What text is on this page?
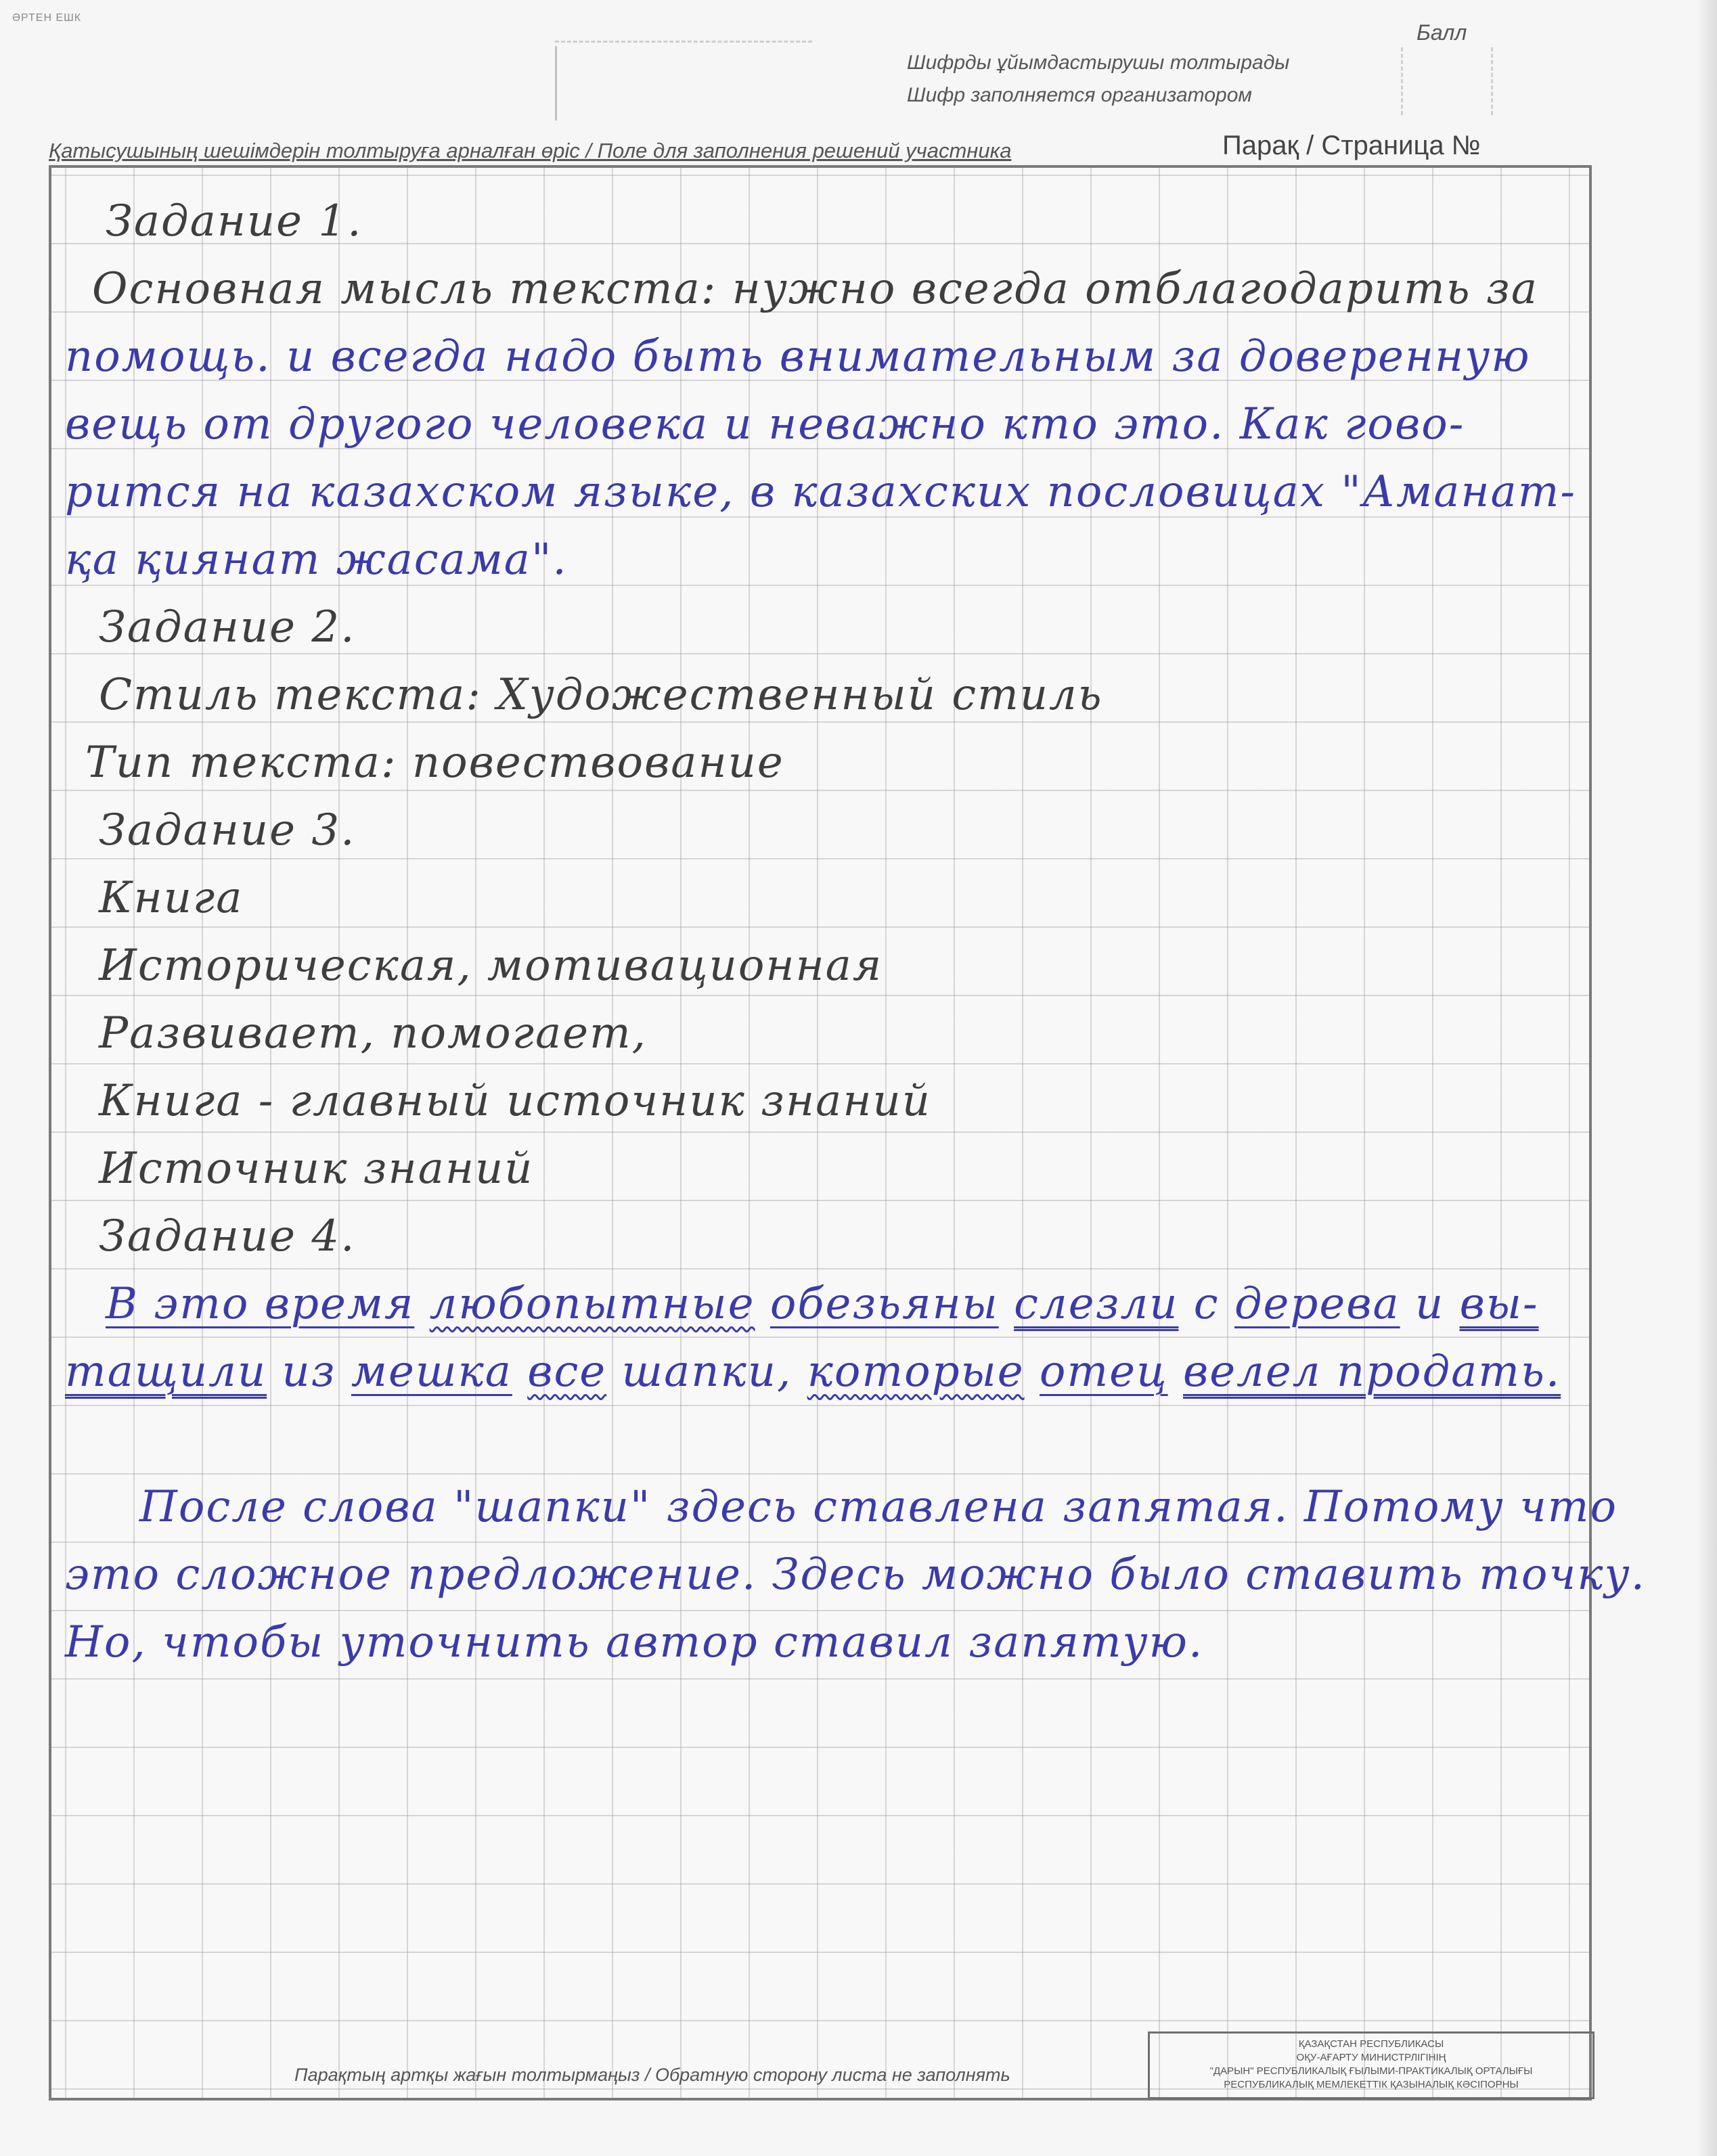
ӘРТЕН ЕШК
Шифрды ұйымдастырушы толтырады
Шифр заполняется организатором
Балл
Қатысушының шешімдерін толтыруға арналған өріс / Поле для заполнения решений участника	Парақ / Страница №
Задание 1.
Основная мысль текста: нужно всегда отблагодарить за
помощь. и всегда надо быть внимательным за доверенную
вещь от другого человека и неважно кто это. Как гово-
рится на казахском языке, в казахских пословицах "Аманат-
қа қиянат жасама".
Задание 2.
Стиль текста: Художественный стиль
Тип текста: повествование
Задание 3.
Книга
Историческая, мотивационная
Развивает, помогает,
Книга - главный источник знаний
Источник знаний
Задание 4.
В это время любопытные обезьяны слезли с дерева и вы-
тащили из мешка все шапки, которые отец велел продать.
После слова "шапки" здесь ставлена запятая. Потому что
это сложное предложение. Здесь можно было ставить точку.
Но, чтобы уточнить автор ставил запятую.
Парақтың артқы жағын толтырмаңыз / Обратную сторону листа не заполнять
ҚАЗАҚСТАН РЕСПУБЛИКАСЫ
ОҚУ-АҒАРТУ МИНИСТРЛІГІНІҢ
"ДАРЫН" РЕСПУБЛИКАЛЫҚ ҒЫЛЫМИ-ПРАКТИКАЛЫҚ ОРТАЛЫҒЫ
РЕСПУБЛИКАЛЫҚ МЕМЛЕКЕТТІК ҚАЗЫНАЛЫҚ КӘСІПОРНЫ
